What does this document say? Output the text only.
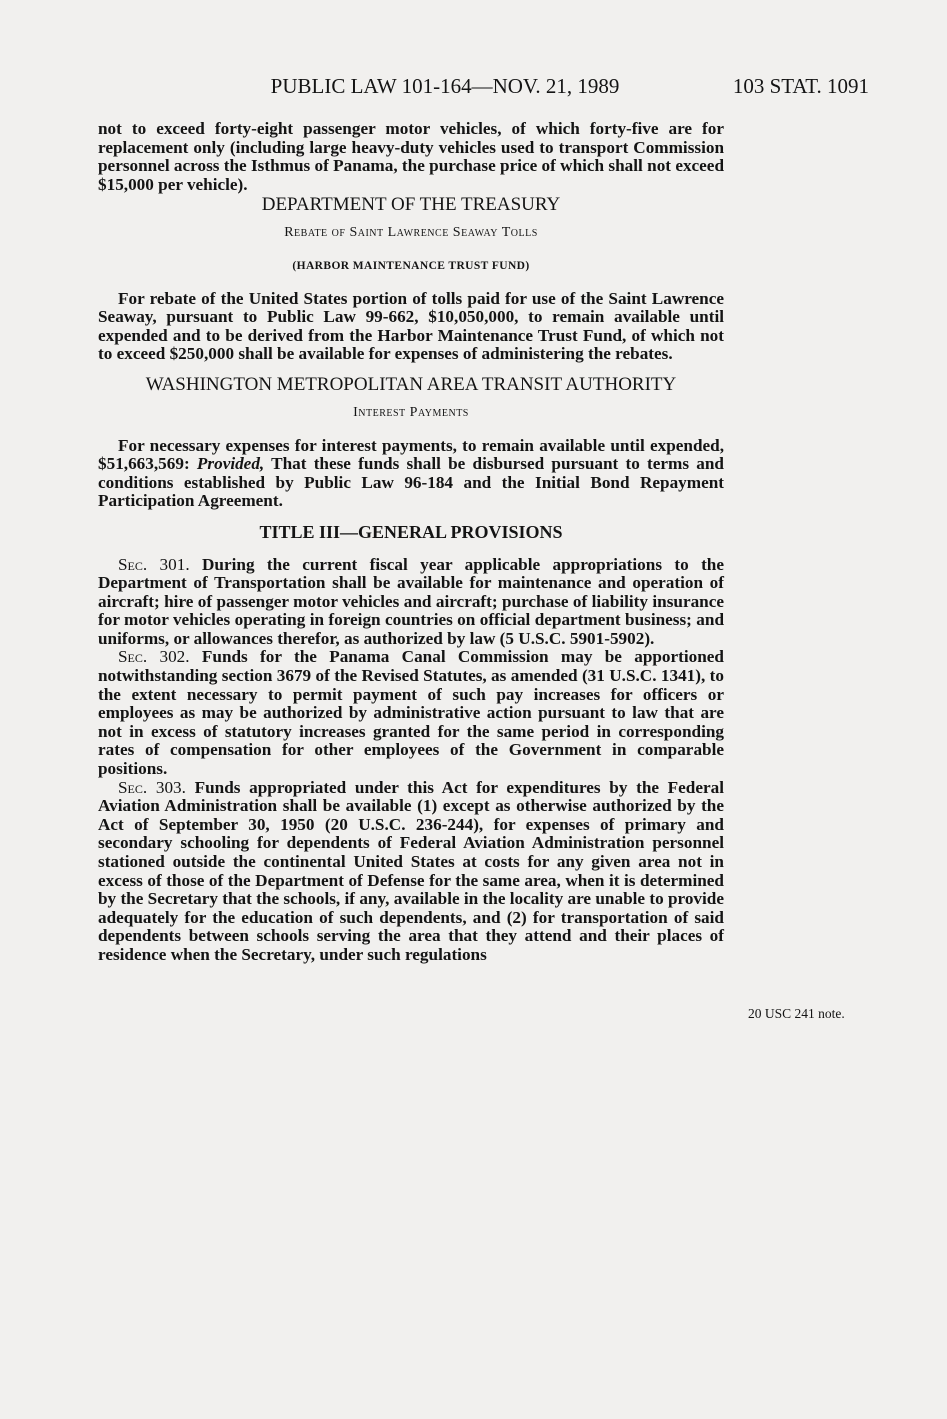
PUBLIC LAW 101-164—NOV. 21, 1989	103 STAT. 1091

not to exceed forty-eight passenger motor vehicles, of which forty-five are for replacement only (including large heavy-duty vehicles used to transport Commission personnel across the Isthmus of Panama, the purchase price of which shall not exceed $15,000 per vehicle).

DEPARTMENT OF THE TREASURY
Rebate of Saint Lawrence Seaway Tolls
(HARBOR MAINTENANCE TRUST FUND)

For rebate of the United States portion of tolls paid for use of the Saint Lawrence Seaway, pursuant to Public Law 99-662, $10,050,000, to remain available until expended and to be derived from the Harbor Maintenance Trust Fund, of which not to exceed $250,000 shall be available for expenses of administering the rebates.

WASHINGTON METROPOLITAN AREA TRANSIT AUTHORITY
Interest Payments

For necessary expenses for interest payments, to remain available until expended, $51,663,569: Provided, That these funds shall be disbursed pursuant to terms and conditions established by Public Law 96-184 and the Initial Bond Repayment Participation Agreement.

TITLE III—GENERAL PROVISIONS

Sec. 301. During the current fiscal year applicable appropriations to the Department of Transportation shall be available for maintenance and operation of aircraft; hire of passenger motor vehicles and aircraft; purchase of liability insurance for motor vehicles operating in foreign countries on official department business; and uniforms, or allowances therefor, as authorized by law (5 U.S.C. 5901-5902).

Sec. 302. Funds for the Panama Canal Commission may be apportioned notwithstanding section 3679 of the Revised Statutes, as amended (31 U.S.C. 1341), to the extent necessary to permit payment of such pay increases for officers or employees as may be authorized by administrative action pursuant to law that are not in excess of statutory increases granted for the same period in corresponding rates of compensation for other employees of the Government in comparable positions.

Sec. 303. Funds appropriated under this Act for expenditures by the Federal Aviation Administration shall be available (1) except as otherwise authorized by the Act of September 30, 1950 (20 U.S.C. 236-244), for expenses of primary and secondary schooling for dependents of Federal Aviation Administration personnel stationed outside the continental United States at costs for any given area not in excess of those of the Department of Defense for the same area, when it is determined by the Secretary that the schools, if any, available in the locality are unable to provide adequately for the education of such dependents, and (2) for transportation of said dependents between schools serving the area that they attend and their places of residence when the Secretary, under such regulations

20 USC 241 note.
